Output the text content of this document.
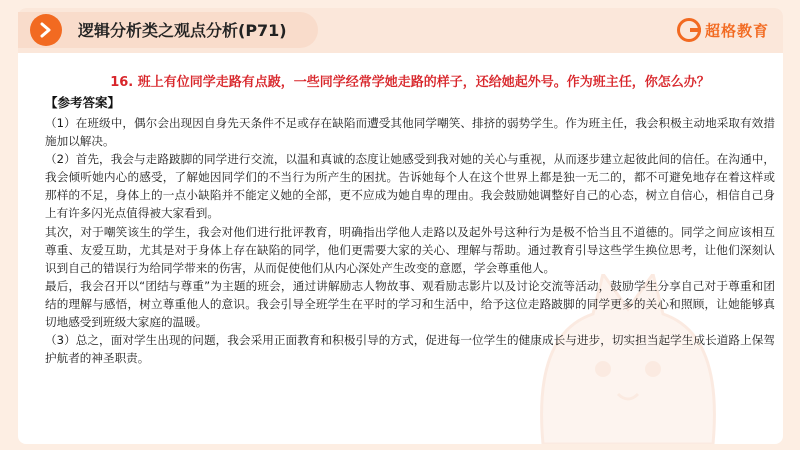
逻辑分析类之观点分析(P71)	超格教育

16. 班上有位同学走路有点跛，一些同学经常学她走路的样子，还给她起外号。作为班主任，你怎么办？

【参考答案】

（1）在班级中，偶尔会出现因自身先天条件不足或存在缺陷而遭受其他同学嘲笑、排挤的弱势学生。作为班主任，我会积极主动地采取有效措施加以解决。

（2）首先，我会与走路跛脚的同学进行交流，以温和真诚的态度让她感受到我对她的关心与重视，从而逐步建立起彼此间的信任。在沟通中，我会倾听她内心的感受，了解她因同学们的不当行为所产生的困扰。告诉她每个人在这个世界上都是独一无二的，都不可避免地存在着这样或那样的不足，身体上的一点小缺陷并不能定义她的全部，更不应成为她自卑的理由。我会鼓励她调整好自己的心态，树立自信心，相信自己身上有许多闪光点值得被大家看到。

其次，对于嘲笑该生的学生，我会对他们进行批评教育，明确指出学他人走路以及起外号这种行为是极不恰当且不道德的。同学之间应该相互尊重、友爱互助，尤其是对于身体上存在缺陷的同学，他们更需要大家的关心、理解与帮助。通过教育引导这些学生换位思考，让他们深刻认识到自己的错误行为给同学带来的伤害，从而促使他们从内心深处产生改变的意愿，学会尊重他人。

最后，我会召开以“团结与尊重”为主题的班会，通过讲解励志人物故事、观看励志影片以及讨论交流等活动，鼓励学生分享自己对于尊重和团结的理解与感悟，树立尊重他人的意识。我会引导全班学生在平时的学习和生活中，给予这位走路跛脚的同学更多的关心和照顾，让她能够真切地感受到班级大家庭的温暖。

（3）总之，面对学生出现的问题，我会采用正面教育和积极引导的方式，促进每一位学生的健康成长与进步，切实担当起学生成长道路上保驾护航者的神圣职责。
